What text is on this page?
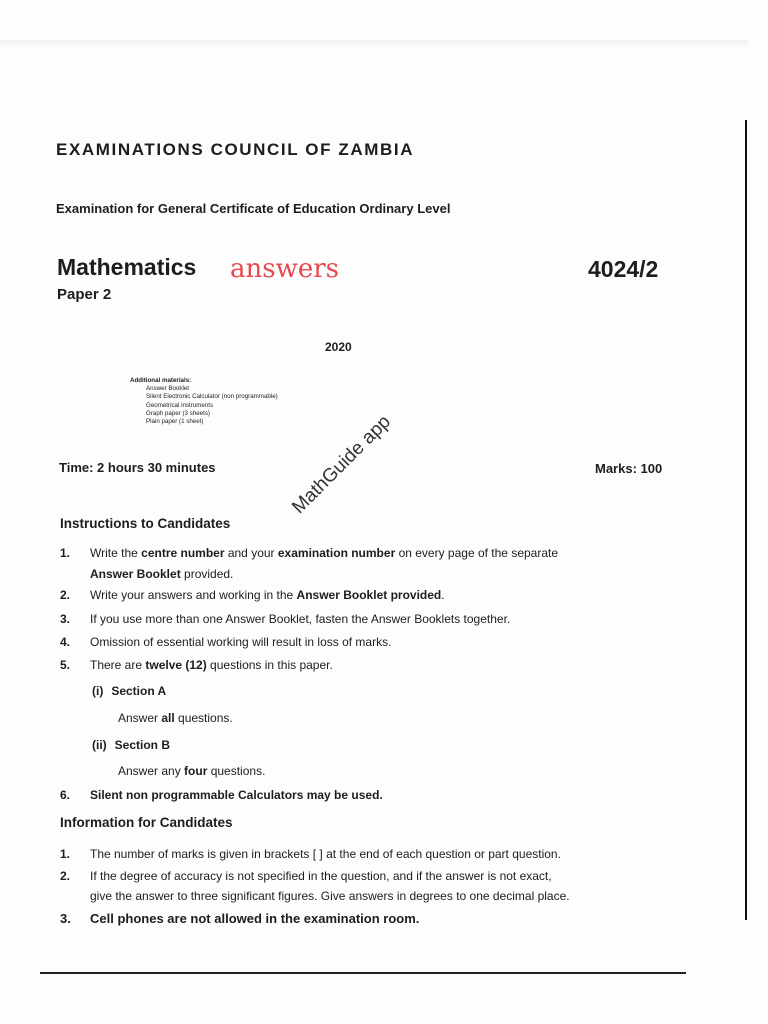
EXAMINATIONS COUNCIL OF ZAMBIA
Examination for General Certificate of Education Ordinary Level
Mathematics answers	4024/2
Paper 2
2020
Additional materials:
Answer Booklet
Silent Electronic Calculator (non programmable)
Geometrical instruments
Graph paper (3 sheets)
Plain paper (1 sheet)
Time: 2 hours 30 minutes	Marks: 100
MathGuide app
Instructions to Candidates
1. Write the centre number and your examination number on every page of the separate
Answer Booklet provided.
2. Write your answers and working in the Answer Booklet provided.
3. If you use more than one Answer Booklet, fasten the Answer Booklets together.
4. Omission of essential working will result in loss of marks.
5. There are twelve (12) questions in this paper.
(i) Section A
Answer all questions.
(ii) Section B
Answer any four questions.
6. Silent non programmable Calculators may be used.
Information for Candidates
1. The number of marks is given in brackets [ ] at the end of each question or part question.
2. If the degree of accuracy is not specified in the question, and if the answer is not exact,
give the answer to three significant figures. Give answers in degrees to one decimal place.
3. Cell phones are not allowed in the examination room.
